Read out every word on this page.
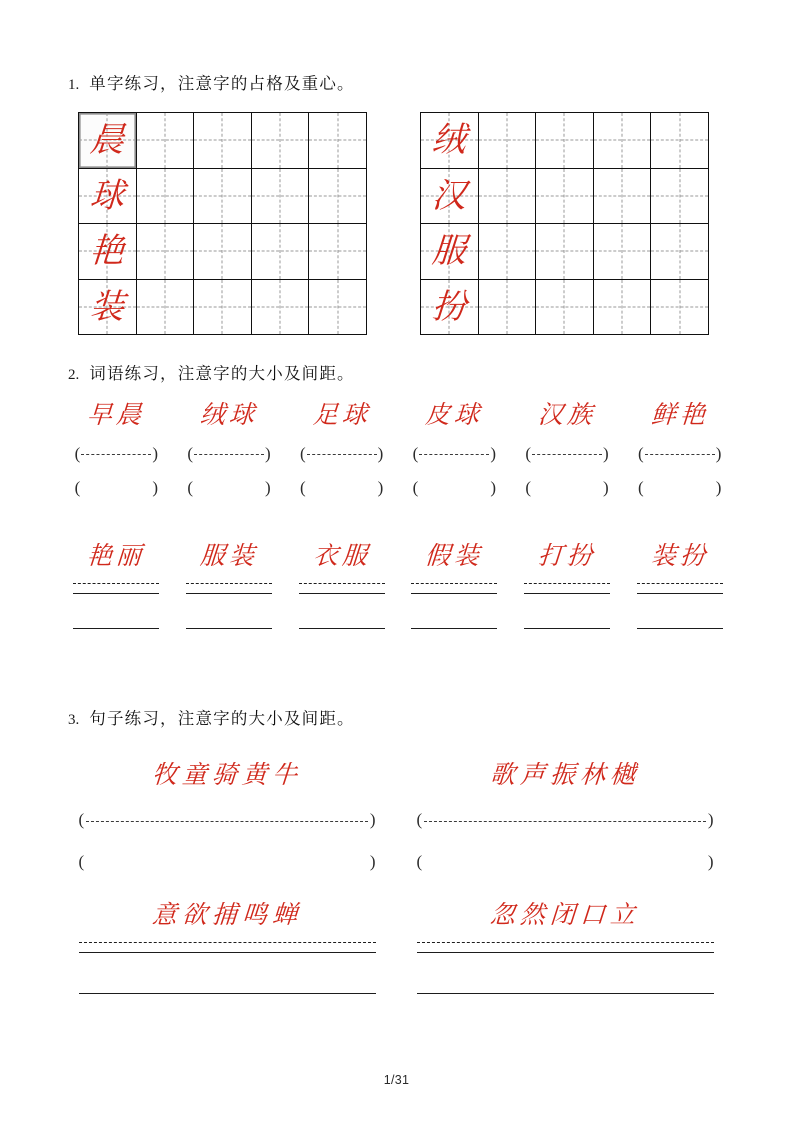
1. 单字练习，注意字的占格及重心。
晨
球
艳
装
绒
汉
服
扮
2. 词语练习，注意字的大小及间距。
早晨
(	)
(	)
绒球
(	)
(	)
足球
(	)
(	)
皮球
(	)
(	)
汉族
(	)
(	)
鲜艳
(	)
(	)
艳丽 服装 衣服 假装 打扮 装扮
3. 句子练习，注意字的大小及间距。
牧童骑黄牛
(	)
(	)
歌声振林樾
(	)
(	)
意欲捕鸣蝉	忽然闭口立
1/31
